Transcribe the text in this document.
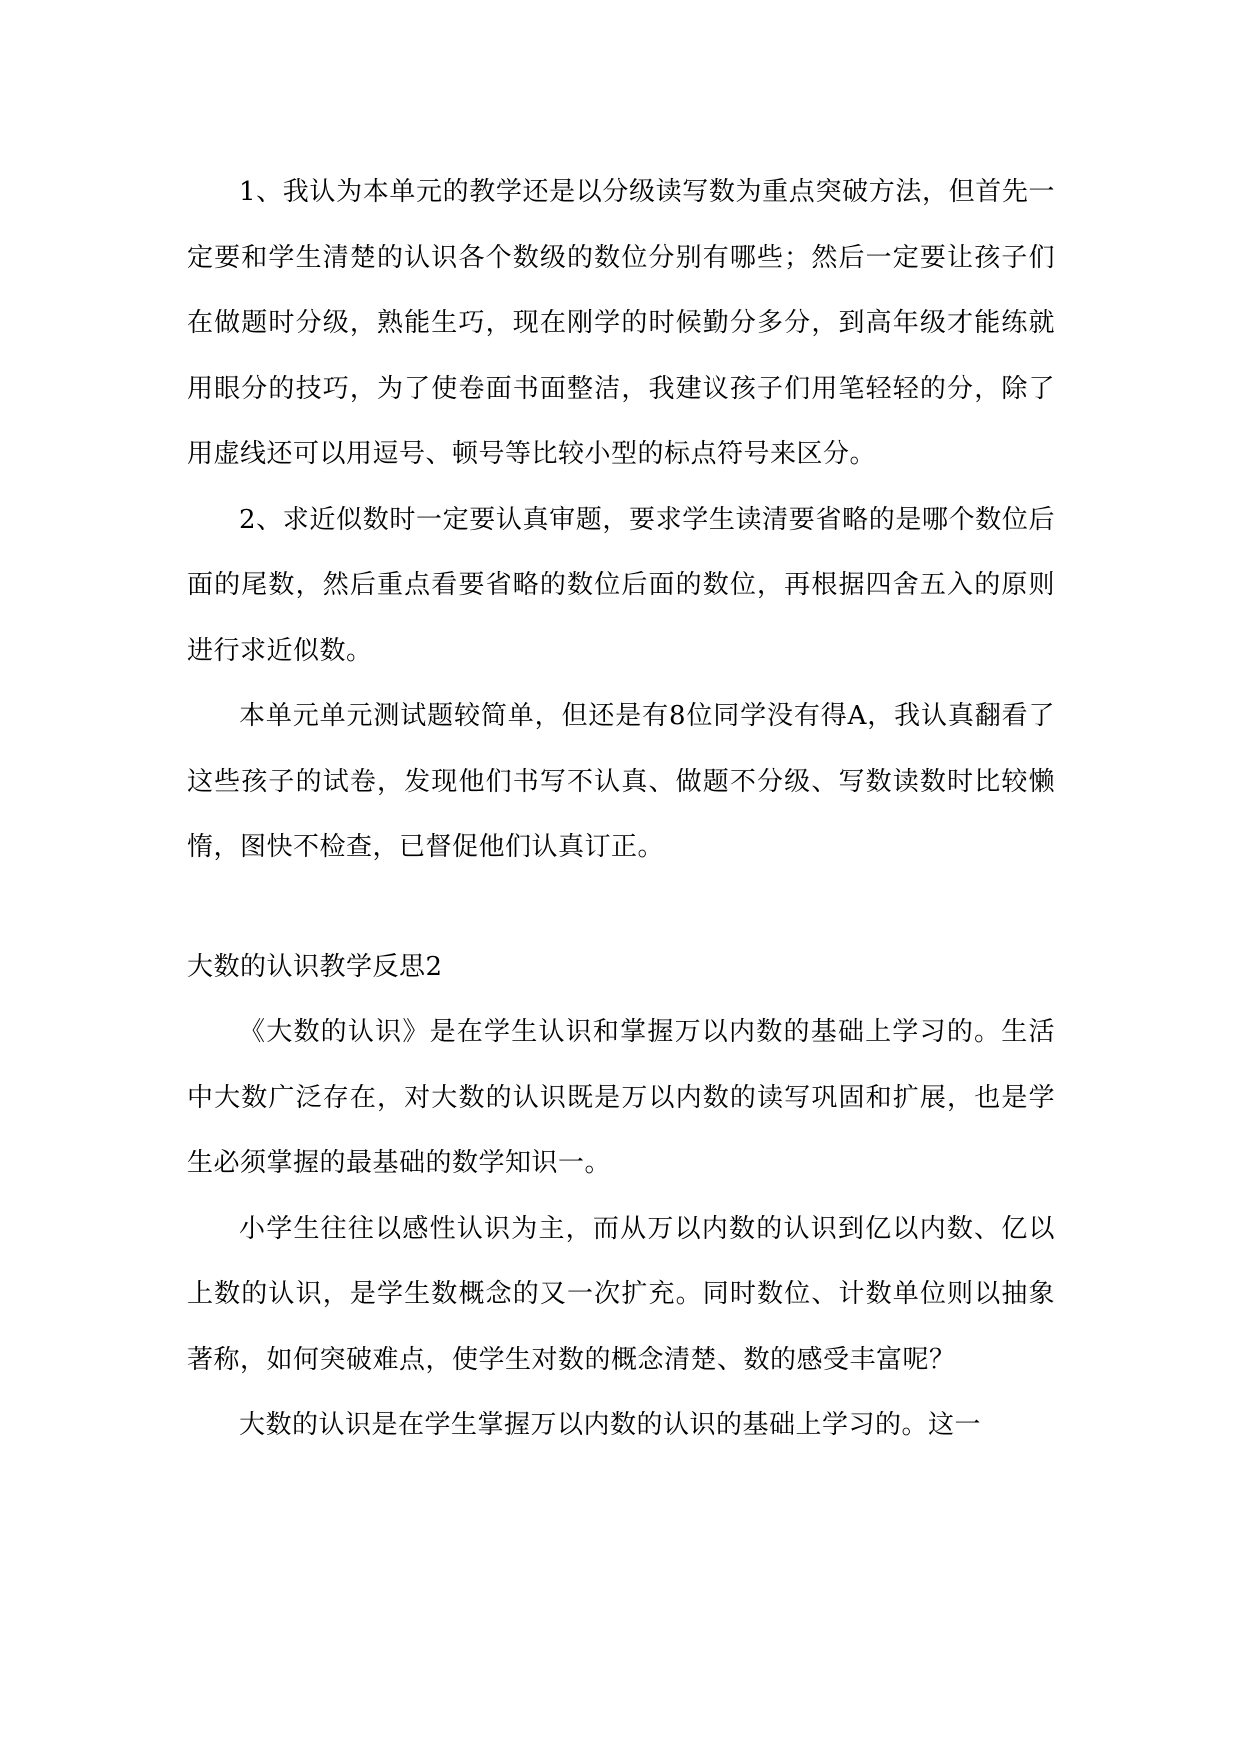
1、我认为本单元的教学还是以分级读写数为重点突破方法，但首先一定要和学生清楚的认识各个数级的数位分别有哪些；然后一定要让孩子们在做题时分级，熟能生巧，现在刚学的时候勤分多分，到高年级才能练就用眼分的技巧，为了使卷面书面整洁，我建议孩子们用笔轻轻的分，除了用虚线还可以用逗号、顿号等比较小型的标点符号来区分。

2、求近似数时一定要认真审题，要求学生读清要省略的是哪个数位后面的尾数，然后重点看要省略的数位后面的数位，再根据四舍五入的原则进行求近似数。

本单元单元测试题较简单，但还是有8位同学没有得A，我认真翻看了这些孩子的试卷，发现他们书写不认真、做题不分级、写数读数时比较懒惰，图快不检查，已督促他们认真订正。

大数的认识教学反思2

《大数的认识》是在学生认识和掌握万以内数的基础上学习的。生活中大数广泛存在，对大数的认识既是万以内数的读写巩固和扩展，也是学生必须掌握的最基础的数学知识一。

小学生往往以感性认识为主，而从万以内数的认识到亿以内数、亿以上数的认识，是学生数概念的又一次扩充。同时数位、计数单位则以抽象著称，如何突破难点，使学生对数的概念清楚、数的感受丰富呢？

大数的认识是在学生掌握万以内数的认识的基础上学习的。这一
